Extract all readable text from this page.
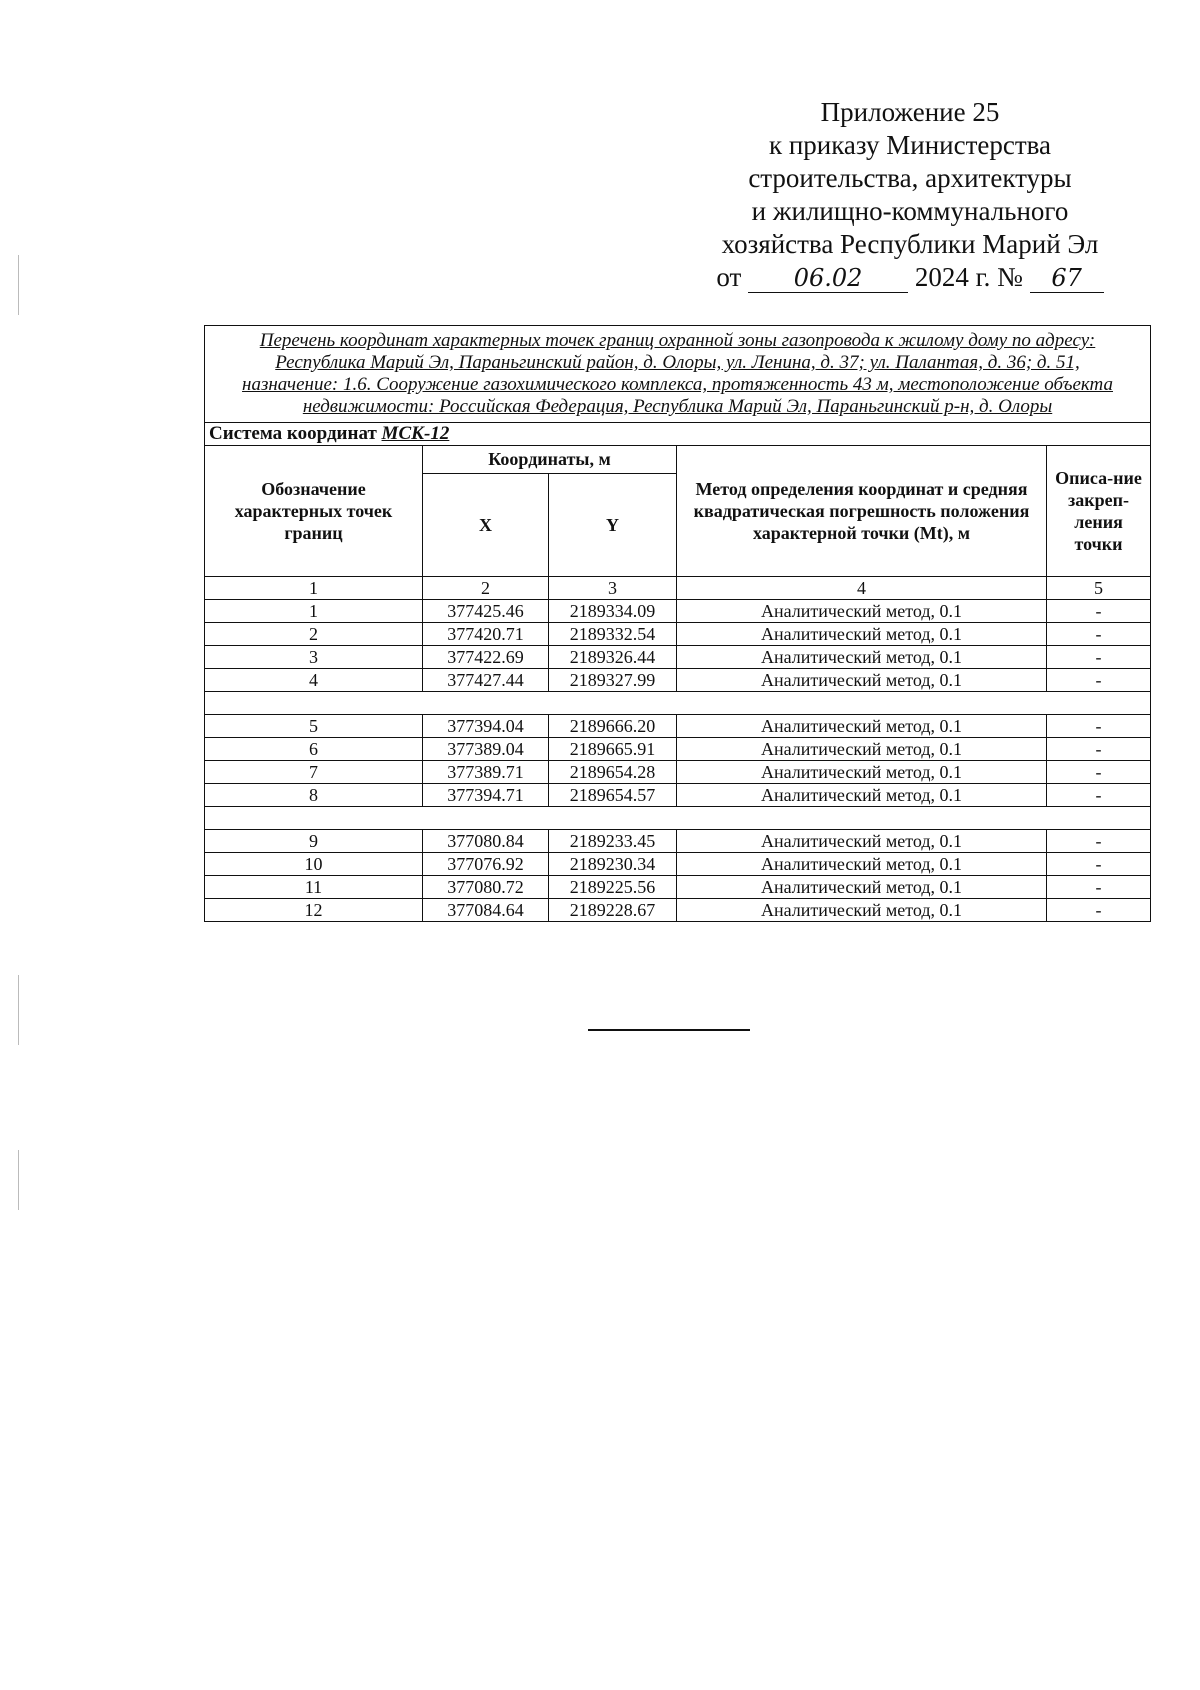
Приложение 25
к приказу Министерства
строительства, архитектуры
и жилищно-коммунального
хозяйства Республики Марий Эл
от 06.02 2024 г. № 67
Перечень координат характерных точек границ охранной зоны газопровода к жилому дому по адресу: Республика Марий Эл, Параньгинский район, д. Олоры, ул. Ленина, д. 37; ул. Палантая, д. 36; д. 51, назначение: 1.6. Сооружение газохимического комплекса, протяженность 43 м, местоположение объекта недвижимости: Российская Федерация, Республика Марий Эл, Параньгинский р-н, д. Олоры				
Система координат МСК-12				
Обозначение характерных точек границ	Координаты, м		Метод определения координат и средняя квадратическая погрешность положения характерной точки (Mt), м	Описа-ние закреп-ления точки
	X	Y		
1	2	3	4	5
1	377425.46	2189334.09	Аналитический метод, 0.1	-
2	377420.71	2189332.54	Аналитический метод, 0.1	-
3	377422.69	2189326.44	Аналитический метод, 0.1	-
4	377427.44	2189327.99	Аналитический метод, 0.1	-

5	377394.04	2189666.20	Аналитический метод, 0.1	-
6	377389.04	2189665.91	Аналитический метод, 0.1	-
7	377389.71	2189654.28	Аналитический метод, 0.1	-
8	377394.71	2189654.57	Аналитический метод, 0.1	-

9	377080.84	2189233.45	Аналитический метод, 0.1	-
10	377076.92	2189230.34	Аналитический метод, 0.1	-
11	377080.72	2189225.56	Аналитический метод, 0.1	-
12	377084.64	2189228.67	Аналитический метод, 0.1	-
